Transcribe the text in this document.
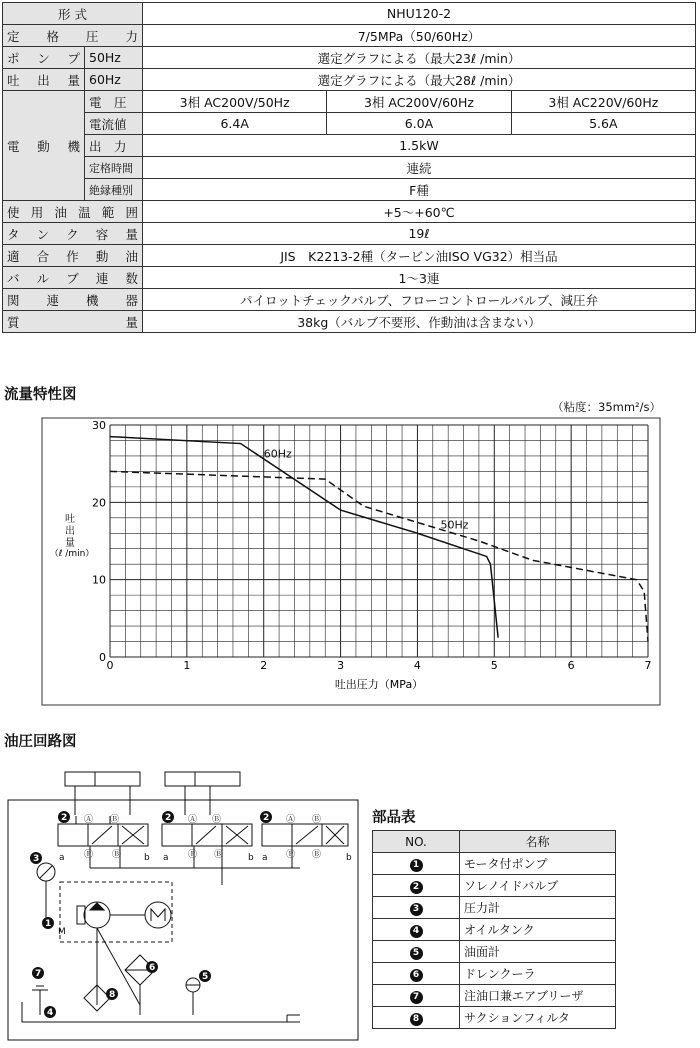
形 式		NHU120-2		
定 格 圧 力		7/5MPa（50/60Hz）		
ポ ン プ	50Hz	選定グラフによる（最大23ℓ /min）		
吐 出 量	60Hz	選定グラフによる（最大28ℓ /min）		
電 動 機	電　圧	3相 AC200V/50Hz	3相 AC200V/60Hz	3相 AC220V/60Hz
	電流値	6.4A	6.0A	5.6A
	出　力	1.5kW		
	定格時間	連続		
	絶縁種別	F種		
使用油温範囲		+5～+60℃		
タンク容量		19ℓ		
適合作動油		JIS　K2213-2種（タービン油ISO VG32）相当品		
バルブ連数		1～3連		
関　連　機　器		パイロットチェックバルブ、フローコントロールバルブ、減圧弁		
質　　　　量		38kg（バルブ不要形、作動油は含まない）		
流量特性図
（粘度：35mm²/s）
0	1	2	3	4	5	6	7
0
10
20
30
60Hz
50Hz
吐出圧力（MPa）
吐
出
量
（ℓ /min）
油圧回路図
a	b a	b a	b
Ⓐ Ⓑ
Ⓟ Ⓑ
Ⓐ Ⓑ
Ⓟ Ⓑ
Ⓐ Ⓑ
Ⓟ Ⓑ
M
2	2	2
3
1
6
5
7
8
4
部品表
NO.	名称
1	モータ付ポンプ
2	ソレノイドバルブ
3	圧力計
4	オイルタンク
5	油面計
6	ドレンクーラ
7	注油口兼エアブリーザ
8	サクションフィルタ
